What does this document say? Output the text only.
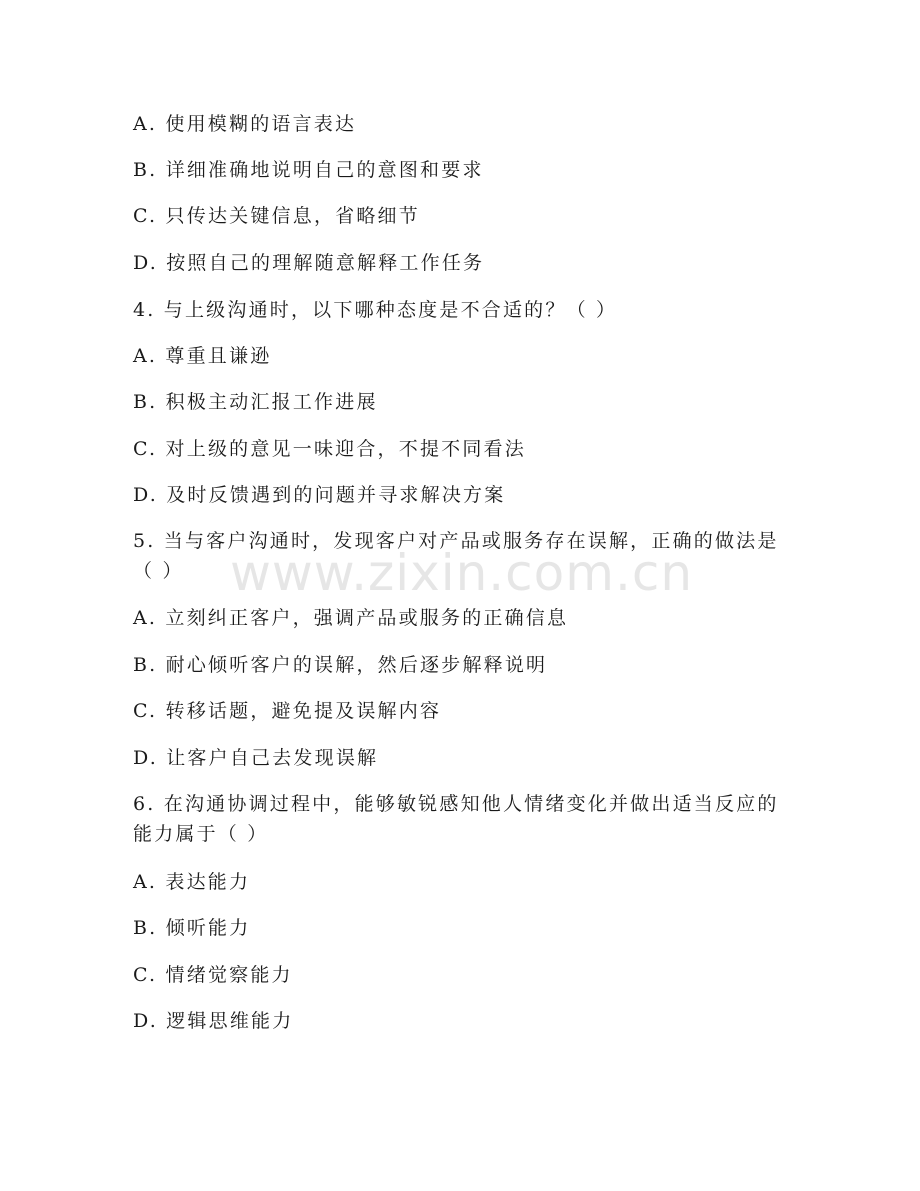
www.zixin.com.cn
A. 使用模糊的语言表达
B. 详细准确地说明自己的意图和要求
C. 只传达关键信息，省略细节
D. 按照自己的理解随意解释工作任务
4. 与上级沟通时，以下哪种态度是不合适的？（ ）
A. 尊重且谦逊
B. 积极主动汇报工作进展
C. 对上级的意见一味迎合，不提不同看法
D. 及时反馈遇到的问题并寻求解决方案
5. 当与客户沟通时，发现客户对产品或服务存在误解，正确的做法是（ ）
A. 立刻纠正客户，强调产品或服务的正确信息
B. 耐心倾听客户的误解，然后逐步解释说明
C. 转移话题，避免提及误解内容
D. 让客户自己去发现误解
6. 在沟通协调过程中，能够敏锐感知他人情绪变化并做出适当反应的能力属于（ ）
A. 表达能力
B. 倾听能力
C. 情绪觉察能力
D. 逻辑思维能力
